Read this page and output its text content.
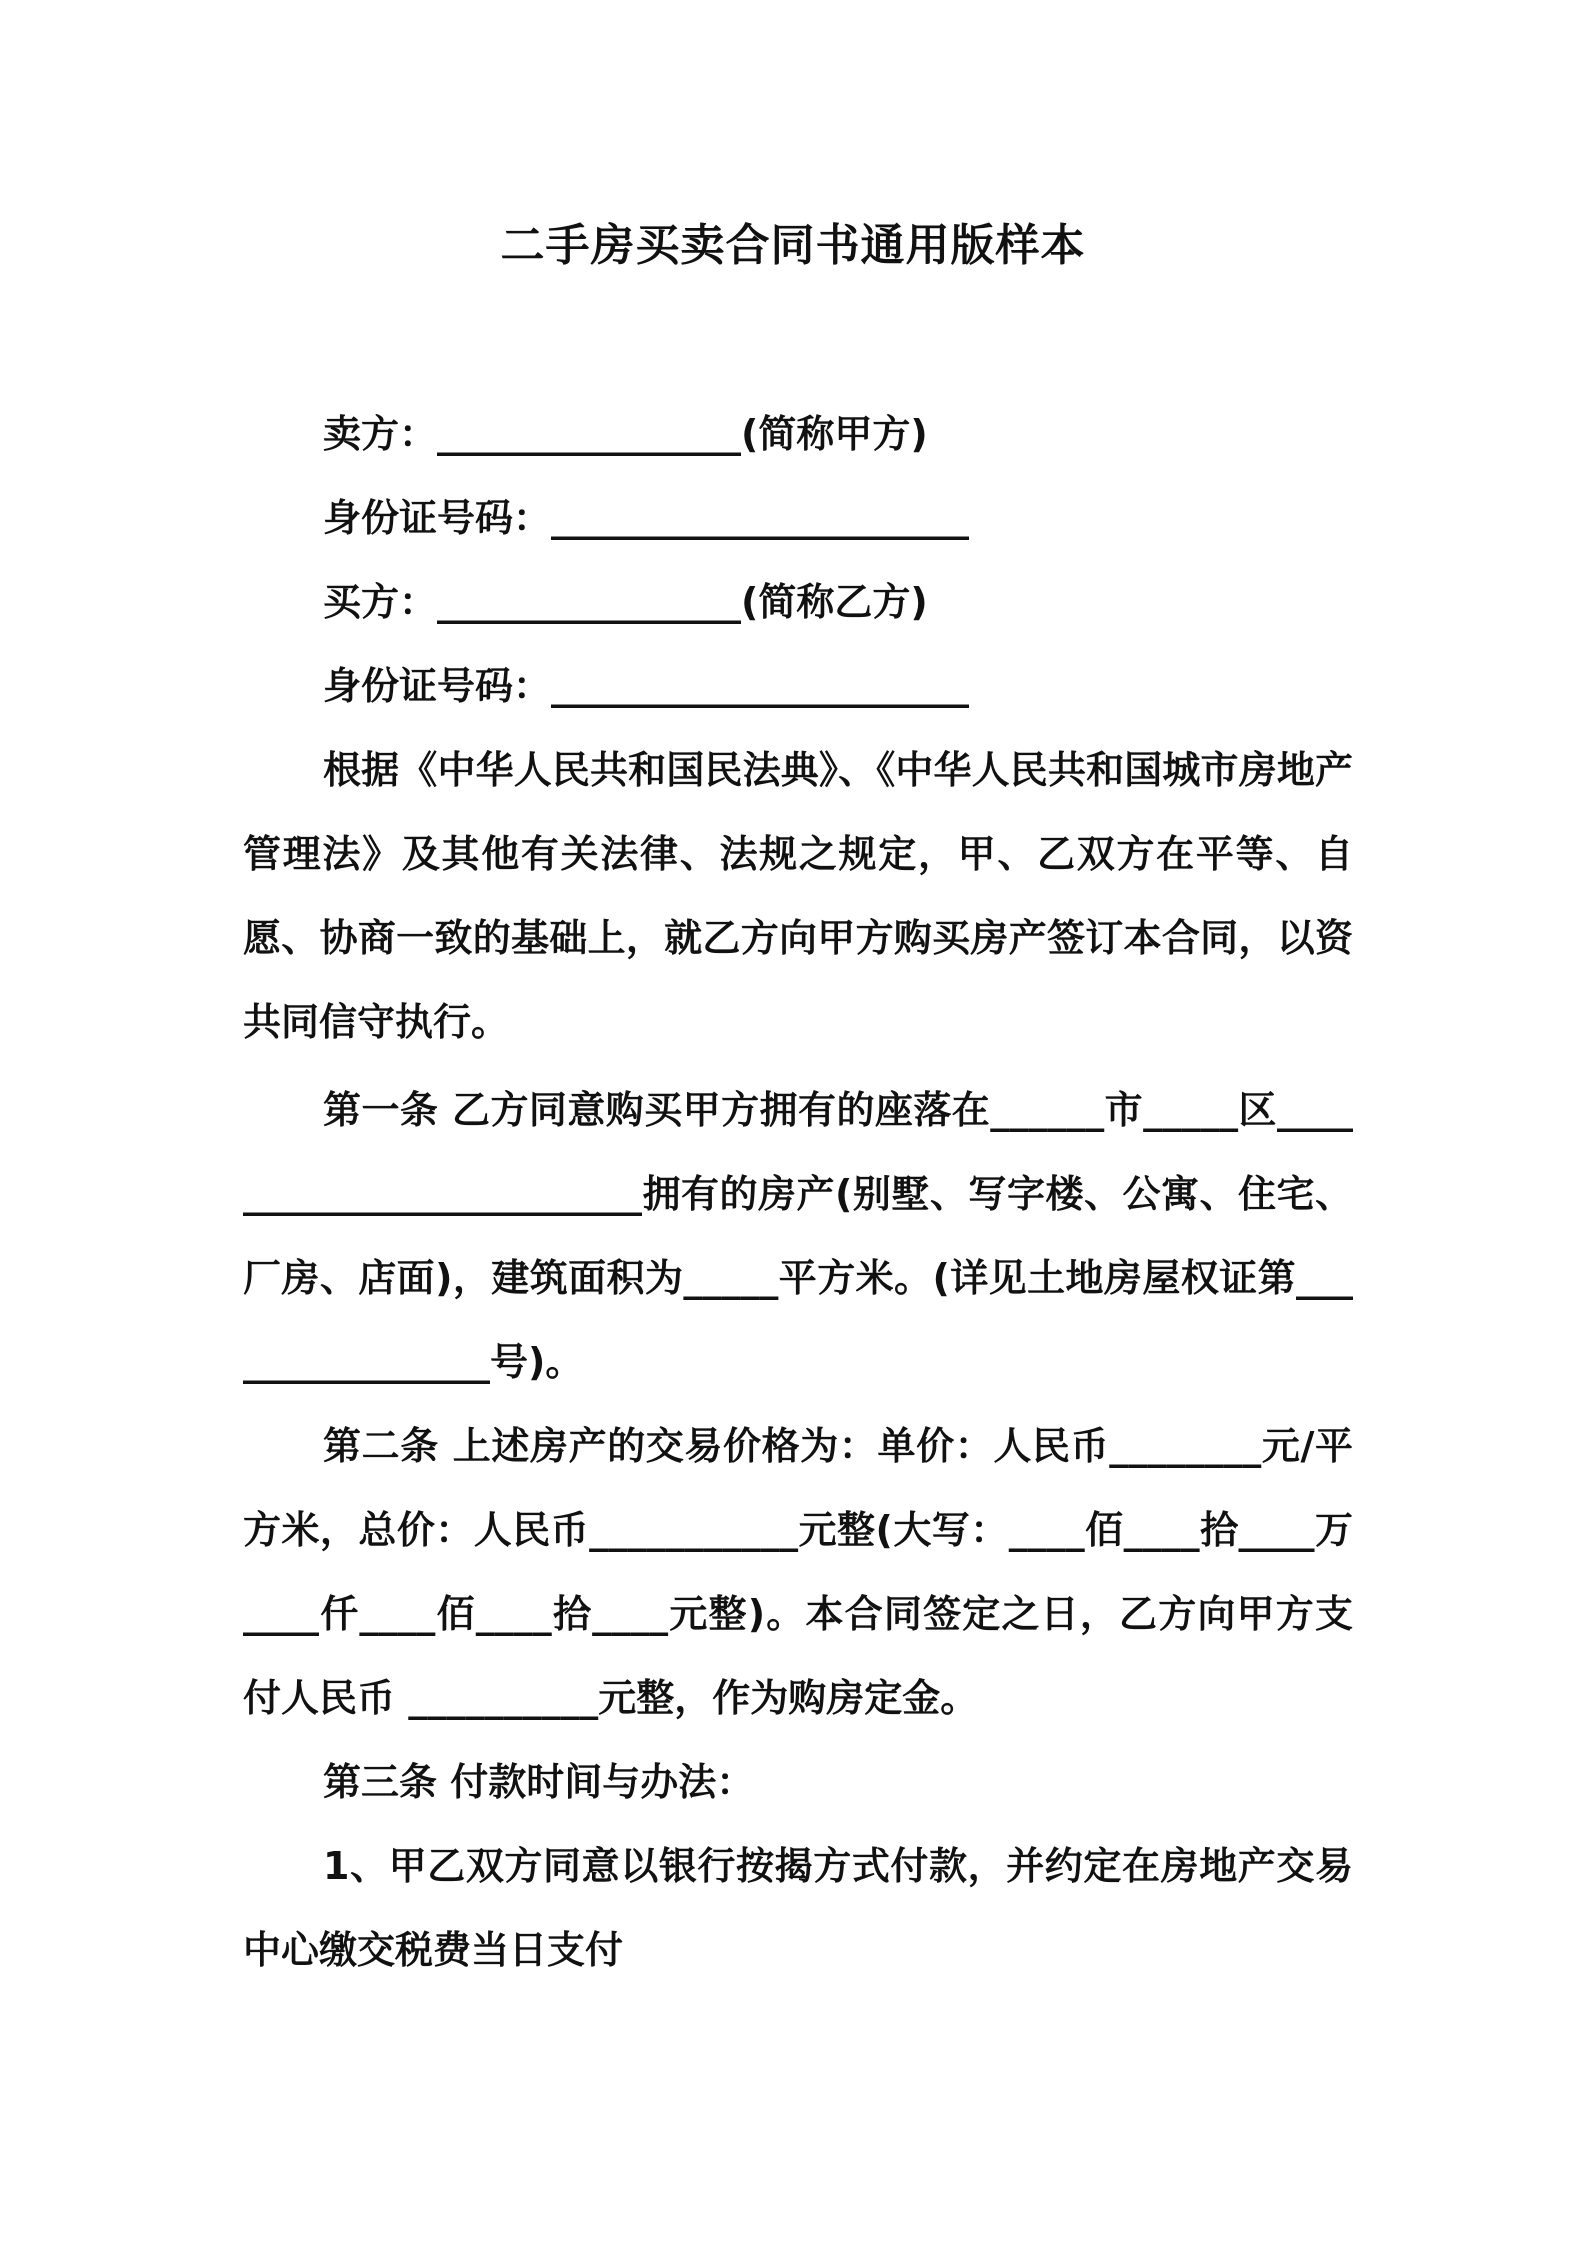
二手房买卖合同书通用版样本

卖方：________________(简称甲方)

身份证号码：______________________

买方：________________(简称乙方)

身份证号码：______________________

根据《中华人民共和国民法典》、《中华人民共和国城市房地产管理法》及其他有关法律、法规之规定，甲、乙双方在平等、自愿、协商一致的基础上，就乙方向甲方购买房产签订本合同，以资共同信守执行。

第一条 乙方同意购买甲方拥有的座落在______市_____区_________________________拥有的房产(别墅、写字楼、公寓、住宅、厂房、店面)，建筑面积为_____平方米。(详见土地房屋权证第________________号)。

第二条 上述房产的交易价格为：单价：人民币________元/平方米，总价：人民币___________元整(大写：____佰____拾____万____仟____佰____拾____元整)。本合同签定之日，乙方向甲方支付人民币 __________元整，作为购房定金。

第三条 付款时间与办法：

1、甲乙双方同意以银行按揭方式付款，并约定在房地产交易中心缴交税费当日支付
